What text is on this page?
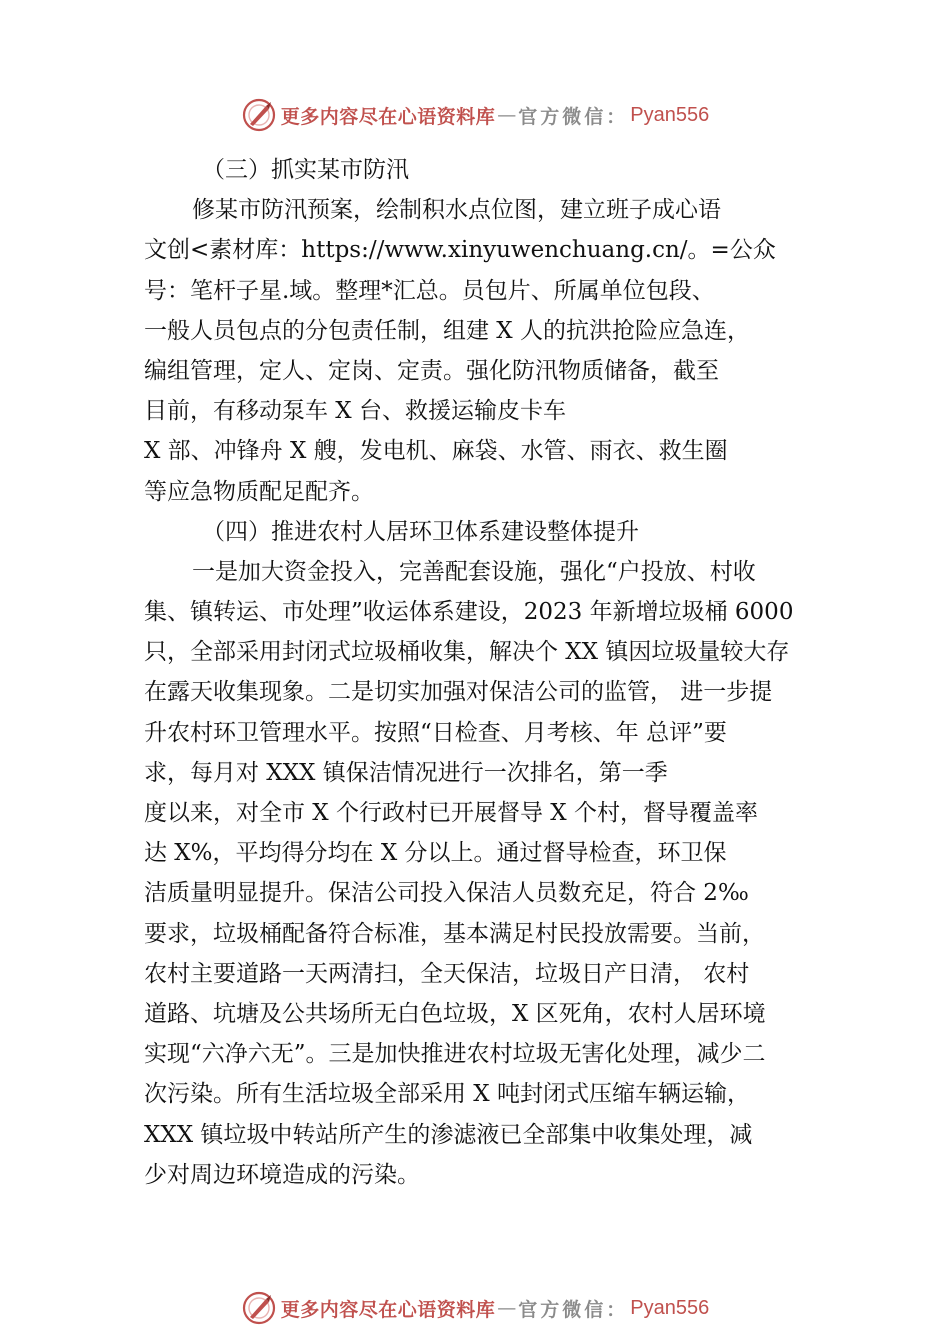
更多内容尽在心语资料库 — 官方微信： Pyan556
（三）抓实某市防汛
修某市防汛预案，绘制积水点位图，建立班子成心语
文创<素材库：https://www.xinyuwenchuang.cn/。=公众
号：笔杆子星.域。整理*汇总。员包片、所属单位包段、
一般人员包点的分包责任制，组建 X 人的抗洪抢险应急连，
编组管理，定人、定岗、定责。强化防汛物质储备，截至
目前，有移动泵车 X 台、救援运输皮卡车
X 部、冲锋舟 X 艘，发电机、麻袋、水管、雨衣、救生圈
等应急物质配足配齐。
（四）推进农村人居环卫体系建设整体提升
一是加大资金投入，完善配套设施，强化“户投放、村收
集、镇转运、市处理”收运体系建设，2023 年新增垃圾桶 6000
只，全部采用封闭式垃圾桶收集，解决个 XX 镇因垃圾量较大存
在露天收集现象。二是切实加强对保洁公司的监管， 进一步提
升农村环卫管理水平。按照“日检查、月考核、年 总评”要
求，每月对 XXX 镇保洁情况进行一次排名，第一季
度以来，对全市 X 个行政村已开展督导 X 个村，督导覆盖率
达 X%，平均得分均在 X 分以上。通过督导检查，环卫保
洁质量明显提升。保洁公司投入保洁人员数充足，符合 2‰
要求，垃圾桶配备符合标准，基本满足村民投放需要。当前，
农村主要道路一天两清扫，全天保洁，垃圾日产日清， 农村
道路、坑塘及公共场所无白色垃圾，X 区死角，农村人居环境
实现“六净六无”。三是加快推进农村垃圾无害化处理，减少二
次污染。所有生活垃圾全部采用 X 吨封闭式压缩车辆运输，
XXX 镇垃圾中转站所产生的渗滤液已全部集中收集处理，减
少对周边环境造成的污染。
更多内容尽在心语资料库 — 官方微信： Pyan556
